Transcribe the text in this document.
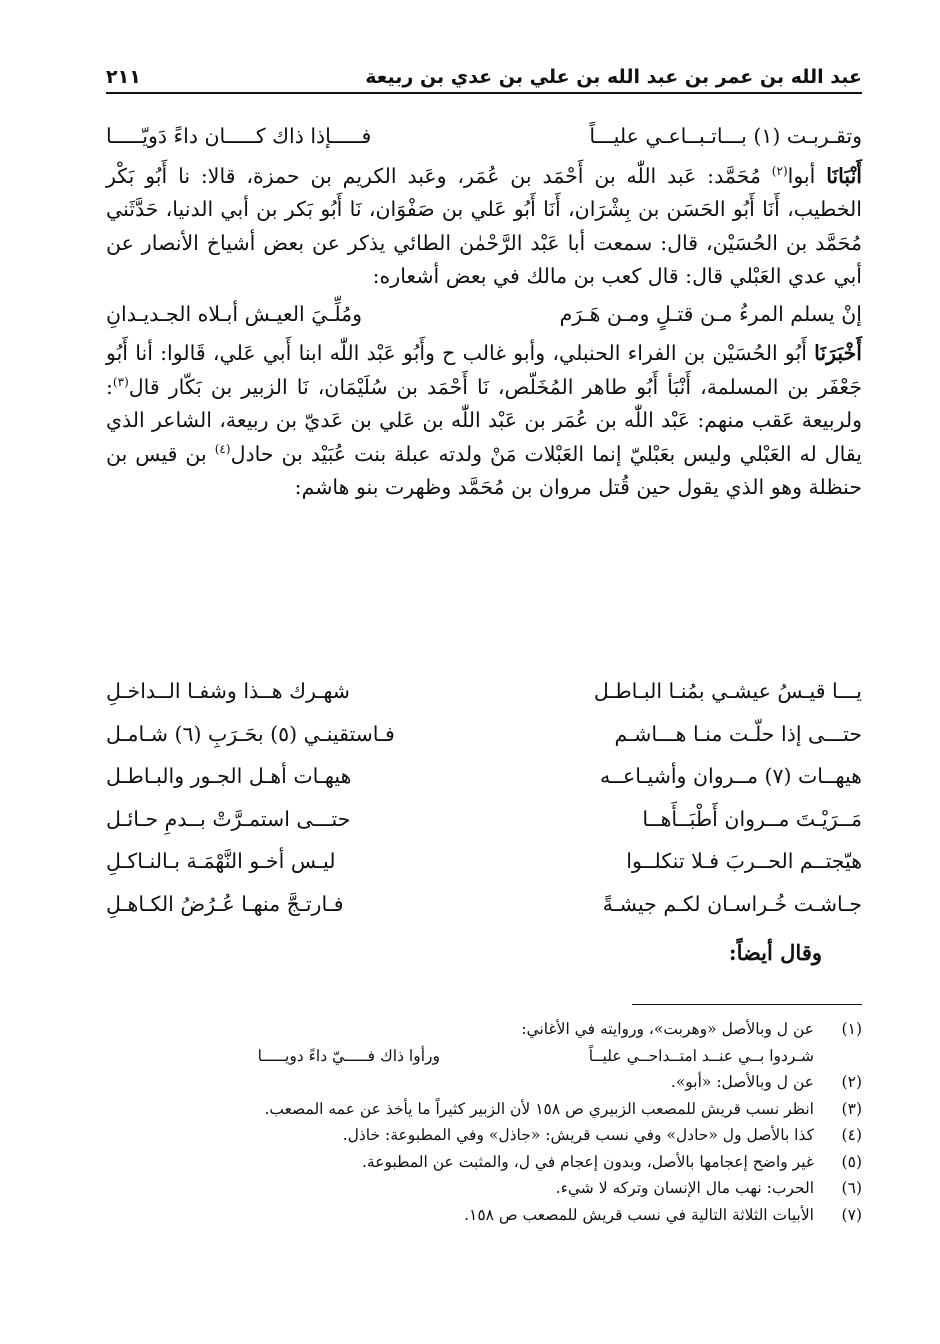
عبد الله بن عمر بن عبد الله بن علي بن عدي بن ربيعة
٢١١
وتقـربـت (١) بـــاتـبــاعـي عليـــاً
فـــــإذا ذاك كـــــان داءً دَويّـــــا

أَنْبَانَا أبوا$^{(٢)}$ مُحَمَّد: عَبد اللّٰه بن أَحْمَد بن عُمَر، وعَبد الكريم بن حمزة، قالا: نا أَبُو بَكْر الخطيب، أَنَا أَبُو الحَسَن بن بِشْرَان، أَنَا أَبُو عَلي بن صَفْوَان، نَا أَبُو بَكر بن أبي الدنيا، حَدَّثَني مُحَمَّد بن الحُسَيْن، قال: سمعت أبا عَبْد الرَّحْمٰن الطائي يذكر عن بعض أشياخ الأنصار عن أبي عدي العَبْلي قال: قال كعب بن مالك في بعض أشعاره:

إنْ يسلم المرءُ مـن قتـلٍ ومـن هَـرَم
ومُلِّـيَ العيـش أبـلاه الجـديـدانِ

أَخْبَرَنَا أَبُو الحُسَيْن بن الفراء الحنبلي، وأبو غالب ح وأَبُو عَبْد اللّٰه ابنا أَبي عَلي، قَالوا: أنا أَبُو جَعْفَر بن المسلمة، أَنْبَأ أَبُو طاهر المُخَلّص، نَا أَحْمَد بن سُلَيْمَان، نَا الزبير بن بَكّار قال$^{(٣)}$: ولربيعة عَقب منهم: عَبْد اللّٰه بن عُمَر بن عَبْد اللّٰه بن عَلي بن عَديّ بن ربيعة، الشاعر الذي يقال له العَبْلي وليس بعَبْليّ إنما العَبْلات مَنْ ولدته عبلة بنت عُبَيْد بن حادل$^{(٤)}$ بن قيس بن حنظلة وهو الذي يقول حين قُتل مروان بن مُحَمَّد وظهرت بنو هاشم:

يـــا قيـسُ عيشـي بمُنـا البـاطـل
شهـرك هــذا وشفـا الــداخـلِ
حتـــى إذا حلّـت منـا هـــاشـم
فـاستقينـي (٥) بحَـرَبِ (٦) شـامـل
هيهــات (٧) مــروان وأشيـاعــه
هيهـات أهـل الجـور والبـاطـل
مَــرَيْـتَ مــروان أَطْبَــأَهــا
حتـــى استمـرَّتْ بــدمِ حـائـل
هيّجتــم الحــربَ فـلا تنكلــوا
ليـس أخـو النَّهْمَـة بـالنـاكـلِ
جـاشـت خُـراسـان لكـم جيشـةً
فـارتـجَّ منهـا عُـرُضُ الكـاهـلِ
وقال أيضاً:
(١)
عن ل وبالأصل «وهربت»، وروايته في الأغاني:
شـردوا بــي عنــد امتــداحــي عليــاً
ورأوا ذاك فـــــيّ داءً دويـــــا
(٢)
عن ل وبالأصل: «أبو».
(٣)
انظر نسب قريش للمصعب الزبيري ص ١٥٨ لأن الزبير كثيراً ما يأخذ عن عمه المصعب.
(٤)
كذا بالأصل ول «حادل» وفي نسب قريش: «جاذل» وفي المطبوعة: خاذل.
(٥)
غير واضح إعجامها بالأصل، وبدون إعجام في ل، والمثبت عن المطبوعة.
(٦)
الحرب: نهب مال الإنسان وتركه لا شيء.
(٧)
الأبيات الثلاثة التالية في نسب قريش للمصعب ص ١٥٨.
